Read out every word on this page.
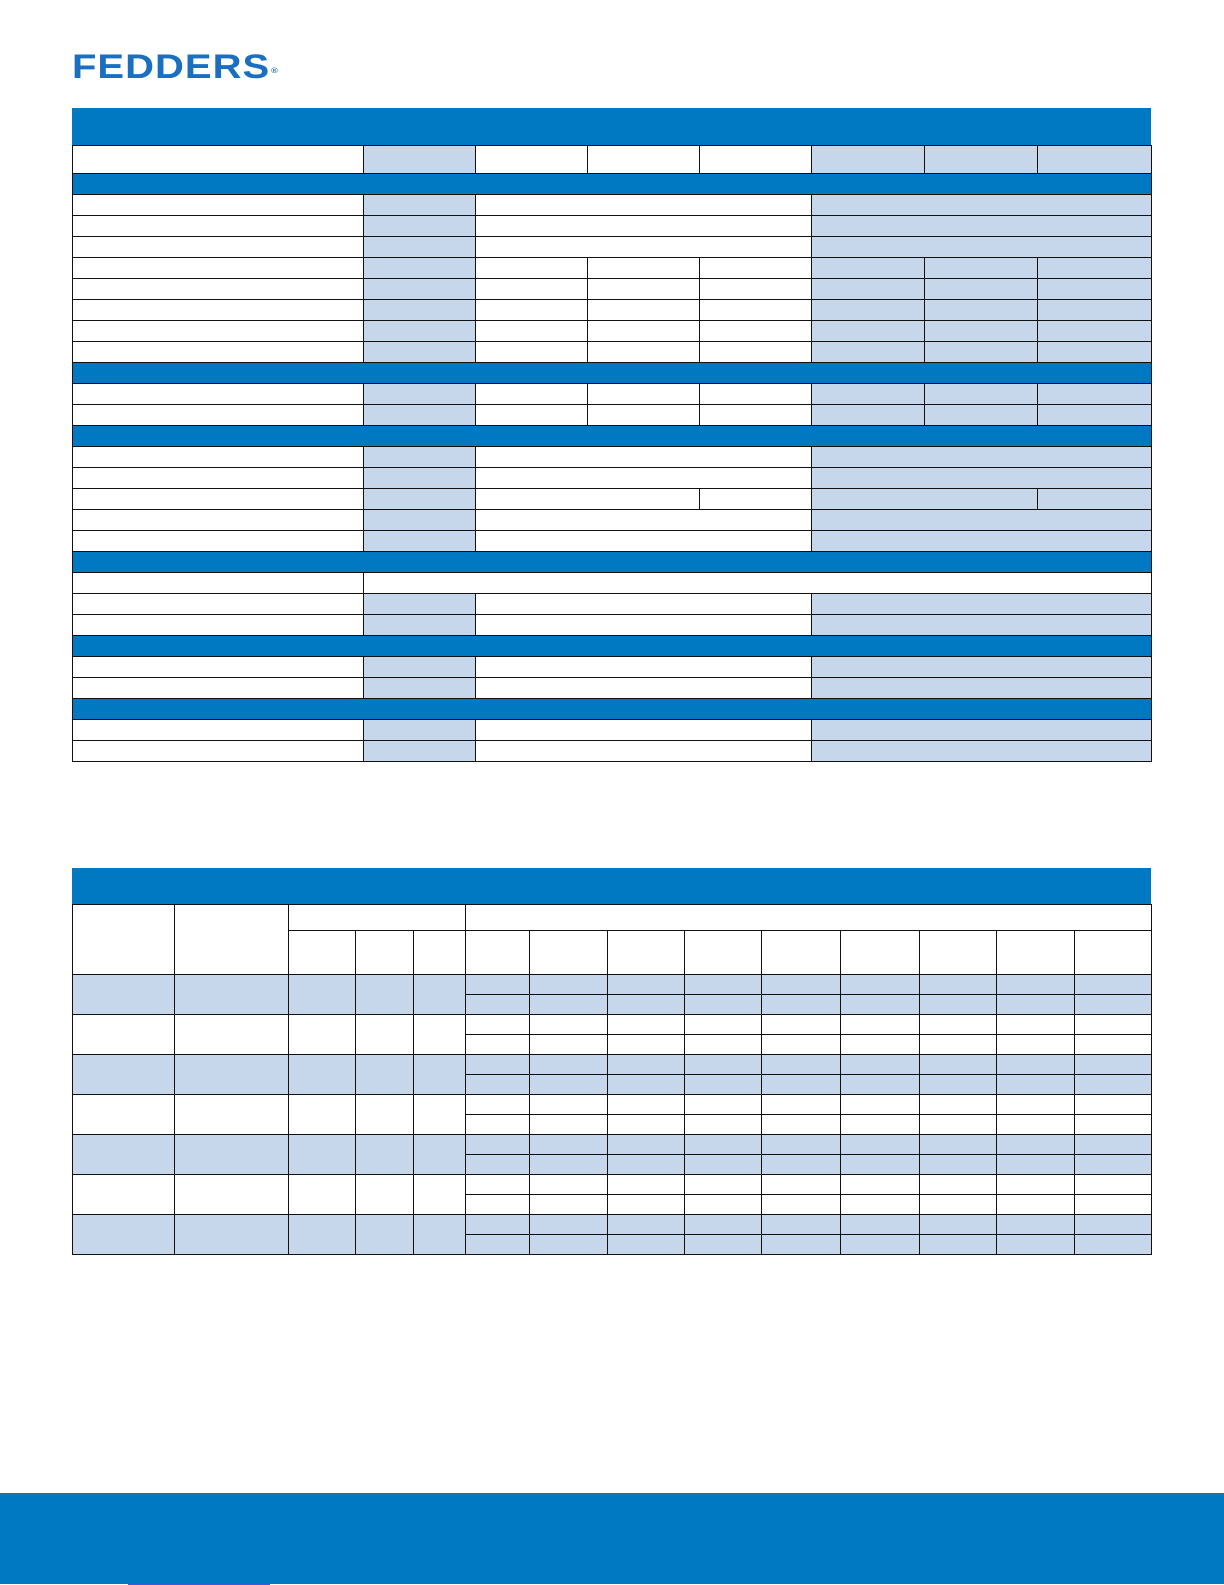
FEDDERS®
